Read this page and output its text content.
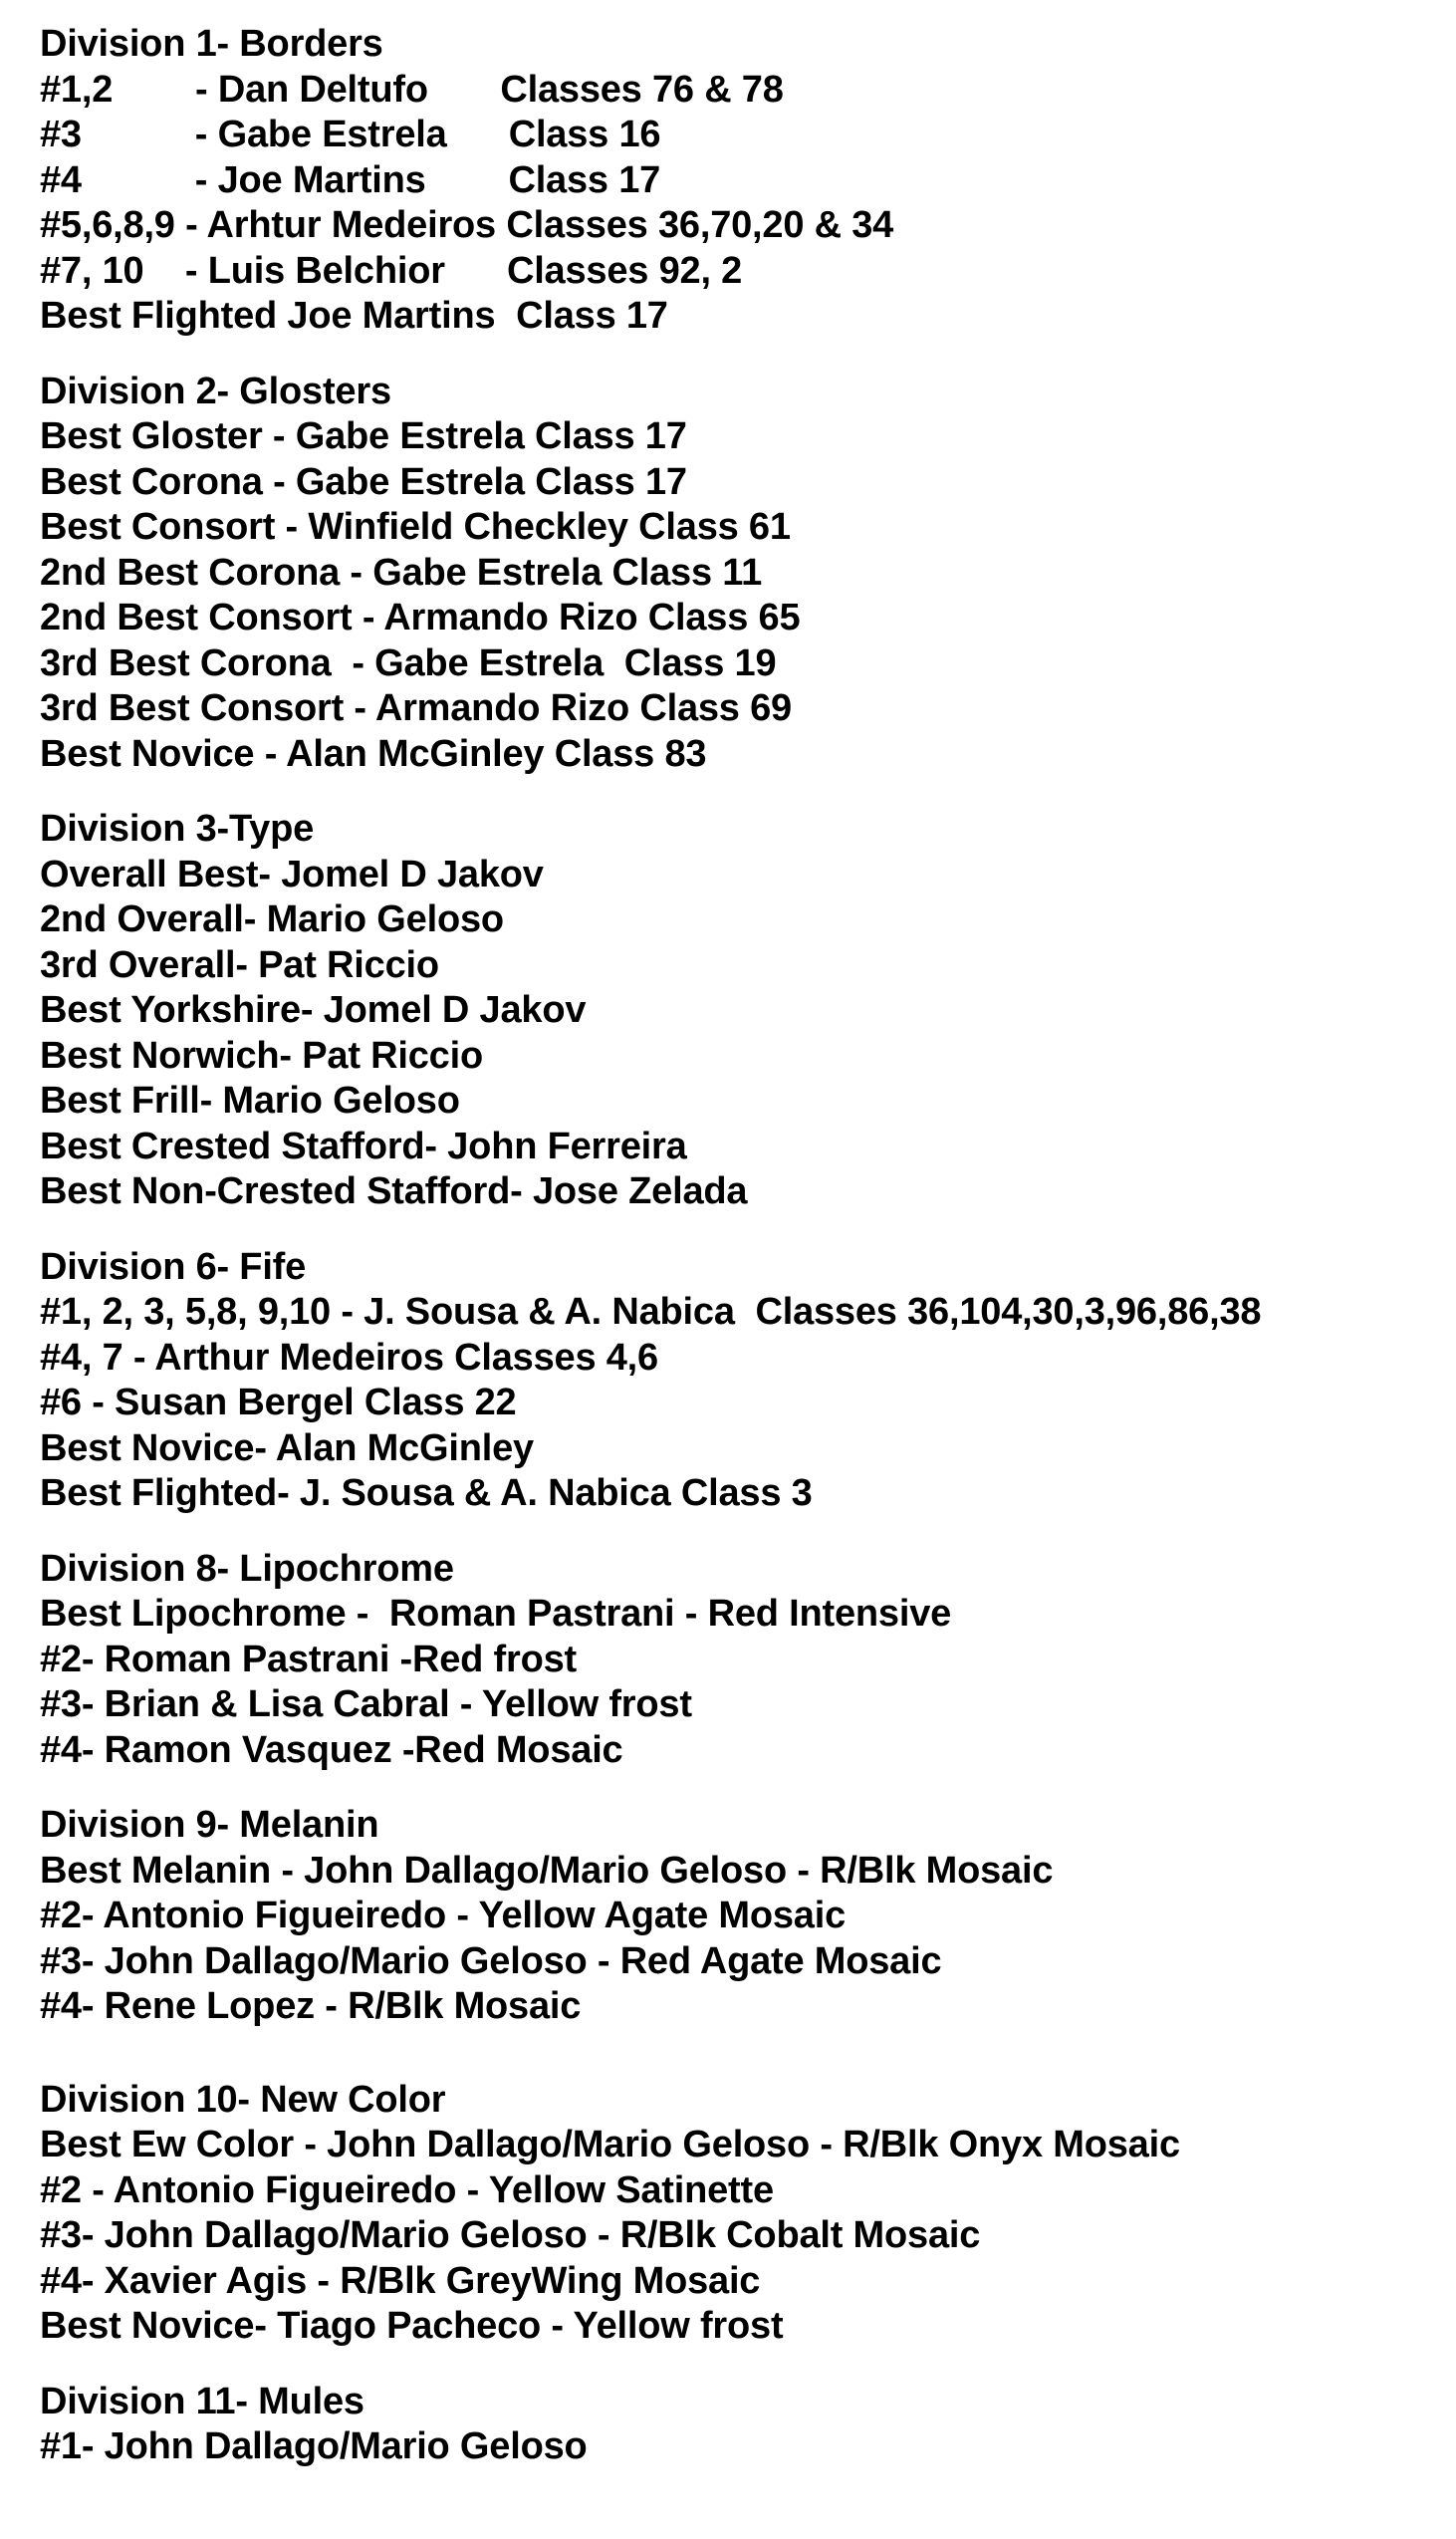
Division 1- Borders
#1,2        - Dan Deltufo       Classes 76 & 78
#3           - Gabe Estrela      Class 16
#4           - Joe Martins        Class 17
#5,6,8,9 - Arhtur Medeiros Classes 36,70,20 & 34
#7, 10    - Luis Belchior      Classes 92, 2
Best Flighted Joe Martins  Class 17
Division 2- Glosters
Best Gloster - Gabe Estrela Class 17
Best Corona - Gabe Estrela Class 17
Best Consort - Winfield Checkley Class 61
2nd Best Corona - Gabe Estrela Class 11
2nd Best Consort - Armando Rizo Class 65
3rd Best Corona  - Gabe Estrela  Class 19
3rd Best Consort - Armando Rizo Class 69
Best Novice - Alan McGinley Class 83
Division 3-Type
Overall Best- Jomel D Jakov
2nd Overall- Mario Geloso
3rd Overall- Pat Riccio
Best Yorkshire- Jomel D Jakov
Best Norwich- Pat Riccio
Best Frill- Mario Geloso
Best Crested Stafford- John Ferreira
Best Non-Crested Stafford- Jose Zelada
Division 6- Fife
#1, 2, 3, 5,8, 9,10 - J. Sousa & A. Nabica  Classes 36,104,30,3,96,86,38
#4, 7 - Arthur Medeiros Classes 4,6
#6 - Susan Bergel Class 22
Best Novice- Alan McGinley
Best Flighted- J. Sousa & A. Nabica Class 3
Division 8- Lipochrome
Best Lipochrome -  Roman Pastrani - Red Intensive
#2- Roman Pastrani -Red frost
#3- Brian & Lisa Cabral - Yellow frost
#4- Ramon Vasquez -Red Mosaic
Division 9- Melanin
Best Melanin - John Dallago/Mario Geloso - R/Blk Mosaic
#2- Antonio Figueiredo - Yellow Agate Mosaic
#3- John Dallago/Mario Geloso - Red Agate Mosaic
#4- Rene Lopez - R/Blk Mosaic
Division 10- New Color
Best Ew Color - John Dallago/Mario Geloso - R/Blk Onyx Mosaic
#2 - Antonio Figueiredo - Yellow Satinette
#3- John Dallago/Mario Geloso - R/Blk Cobalt Mosaic
#4- Xavier Agis - R/Blk GreyWing Mosaic
Best Novice- Tiago Pacheco - Yellow frost
Division 11- Mules
#1- John Dallago/Mario Geloso
